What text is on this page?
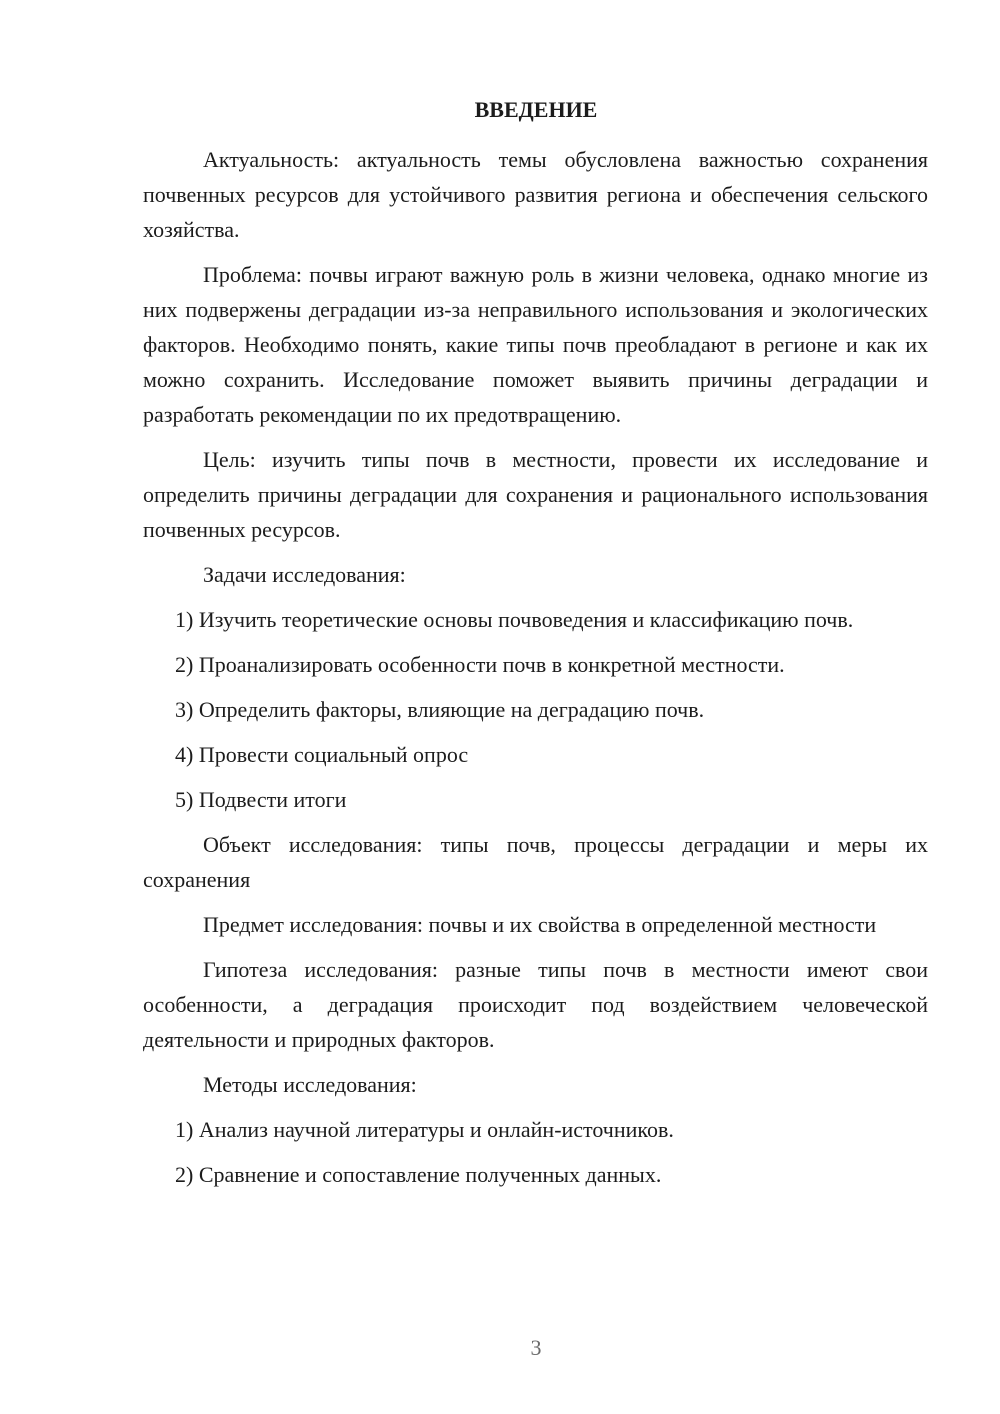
ВВЕДЕНИЕ

Актуальность: актуальность темы обусловлена важностью сохранения почвенных ресурсов для устойчивого развития региона и обеспечения сельского хозяйства.

Проблема: почвы играют важную роль в жизни человека, однако многие из них подвержены деградации из-за неправильного использования и экологических факторов. Необходимо понять, какие типы почв преобладают в регионе и как их можно сохранить. Исследование поможет выявить причины деградации и разработать рекомендации по их предотвращению.

Цель: изучить типы почв в местности, провести их исследование и определить причины деградации для сохранения и рационального использования почвенных ресурсов.

Задачи исследования:

1) Изучить теоретические основы почвоведения и классификацию почв.

2) Проанализировать особенности почв в конкретной местности.

3) Определить факторы, влияющие на деградацию почв.

4) Провести социальный опрос

5) Подвести итоги

Объект исследования: типы почв, процессы деградации и меры их сохранения

Предмет исследования: почвы и их свойства в определенной местности

Гипотеза исследования: разные типы почв в местности имеют свои особенности, а деградация происходит под воздействием человеческой деятельности и природных факторов.

Методы исследования:

1) Анализ научной литературы и онлайн-источников.

2) Сравнение и сопоставление полученных данных.

3
